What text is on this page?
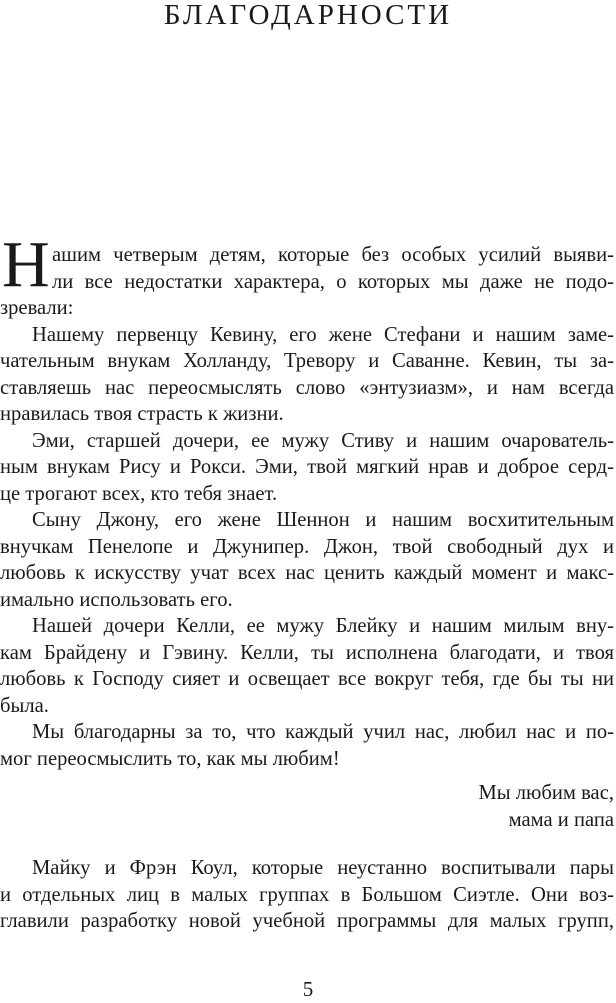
БЛАГОДАРНОСТИ
Н ашим четверым детям, которые без особых усилий выяви-
ли все недостатки характера, о которых мы даже не подо-
зревали:
Нашему первенцу Кевину, его жене Стефани и нашим заме-
чательным внукам Холланду, Тревору и Саванне. Кевин, ты за-
ставляешь нас переосмыслять слово «энтузиазм», и нам всегда
нравилась твоя страсть к жизни.
Эми, старшей дочери, ее мужу Стиву и нашим очарователь-
ным внукам Рису и Рокси. Эми, твой мягкий нрав и доброе серд-
це трогают всех, кто тебя знает.
Сыну Джону, его жене Шеннон и нашим восхитительным
внучкам Пенелопе и Джунипер. Джон, твой свободный дух и
любовь к искусству учат всех нас ценить каждый момент и макс-
имально использовать его.
Нашей дочери Келли, ее мужу Блейку и нашим милым вну-
кам Брайдену и Гэвину. Келли, ты исполнена благодати, и твоя
любовь к Господу сияет и освещает все вокруг тебя, где бы ты ни
была.
Мы благодарны за то, что каждый учил нас, любил нас и по-
мог переосмыслить то, как мы любим!
Мы любим вас,
мама и папа
Майку и Фрэн Коул, которые неустанно воспитывали пары
и отдельных лиц в малых группах в Большом Сиэтле. Они воз-
главили разработку новой учебной программы для малых групп,
5
